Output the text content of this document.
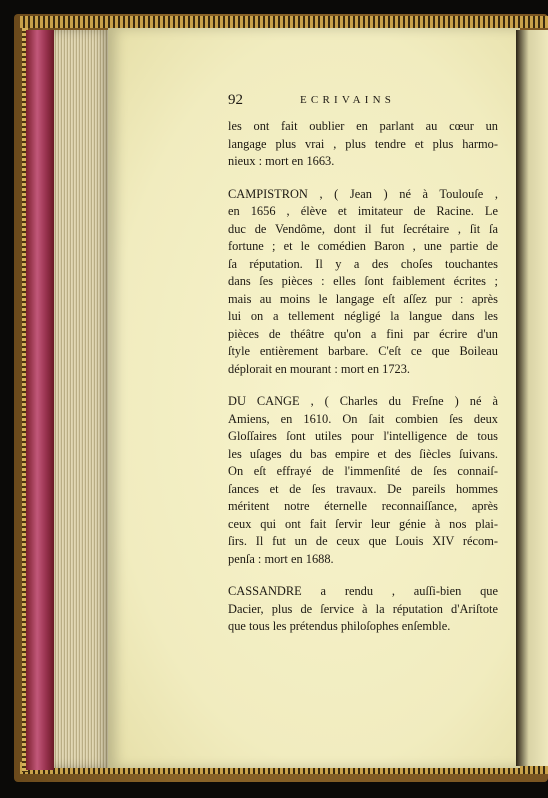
92	ECRIVAINS
les ont fait oublier en parlant au cœur un
langage plus vrai , plus tendre et plus harmo-
nieux : mort en 1663.
CAMPISTRON , ( Jean ) né à Toulouſe ,
en 1656 , élève et imitateur de Racine. Le
duc de Vendôme, dont il fut ſecrétaire , ſit ſa
fortune ; et le comédien Baron , une partie de
ſa réputation. Il y a des choſes touchantes
dans ſes pièces : elles ſont faiblement écrites ;
mais au moins le langage eſt aſſez pur : après
lui on a tellement négligé la langue dans les
pièces de théâtre qu'on a fini par écrire d'un
ſtyle entièrement barbare. C'eſt ce que Boileau
déplorait en mourant : mort en 1723.
DU CANGE , ( Charles du Freſne ) né à
Amiens, en 1610. On ſait combien ſes deux
Gloſſaires ſont utiles pour l'intelligence de tous
les uſages du bas empire et des ſiècles ſuivans.
On eſt effrayé de l'immenſité de ſes connaiſ-
ſances et de ſes travaux. De pareils hommes
méritent notre éternelle reconnaiſſance, après
ceux qui ont fait ſervir leur génie à nos plai-
ſirs. Il fut un de ceux que Louis XIV récom-
penſa : mort en 1688.
CASSANDRE a rendu , auſſi-bien que
Dacier, plus de ſervice à la réputation d'Ariſtote
que tous les prétendus philoſophes enſemble.
